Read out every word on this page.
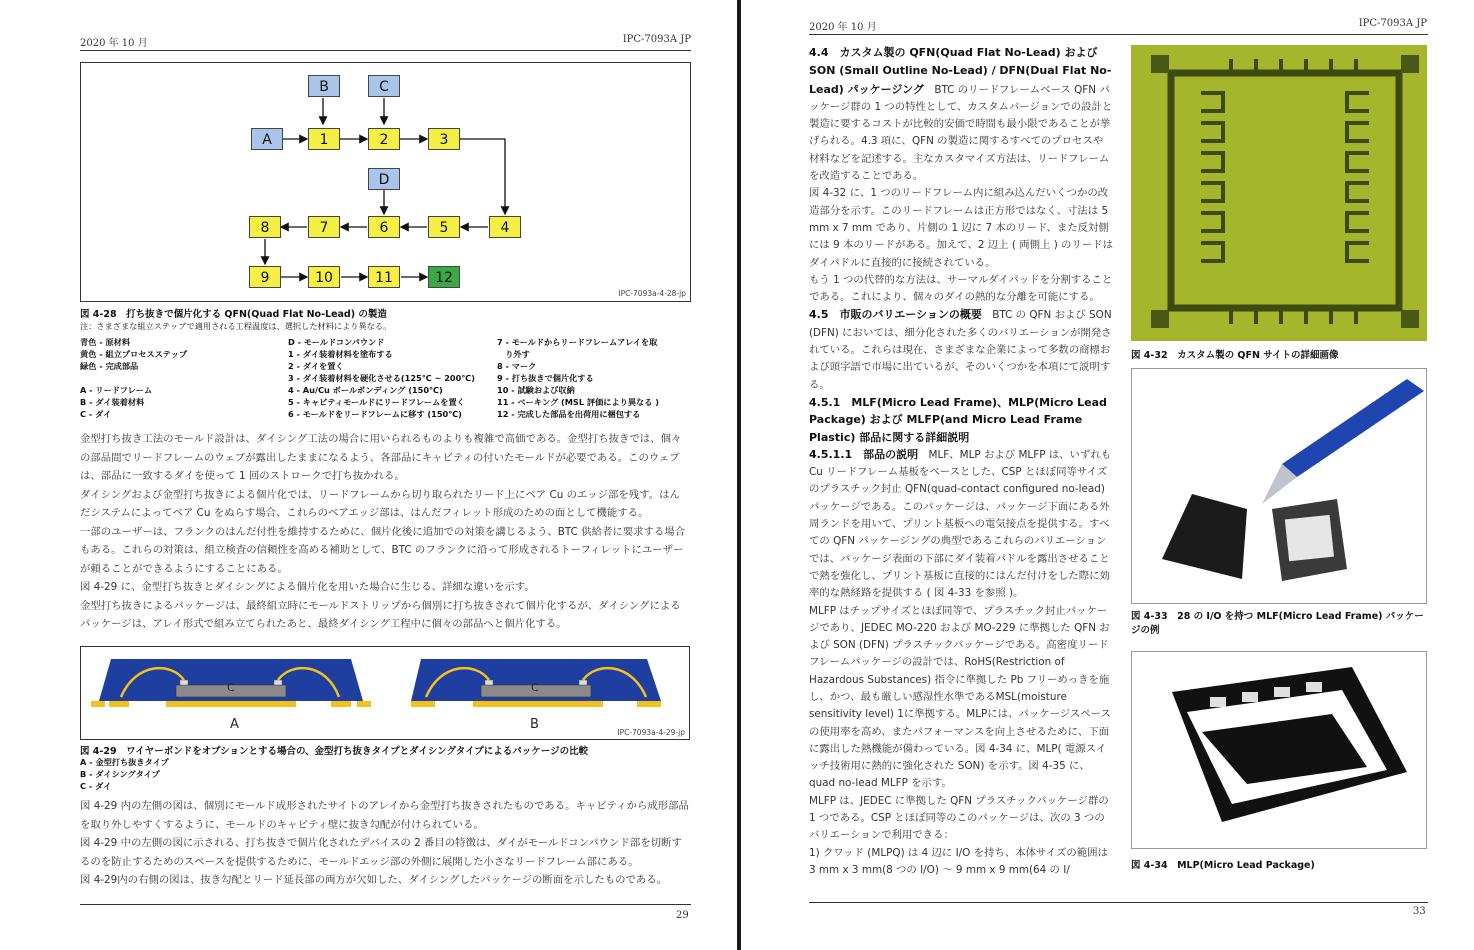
2020 年 10 月	IPC-7093A JP
B	C
A	1	2	3
D
4
5
6
7
8
9	10	11	12
IPC-7093a-4-28-jp
図 4-28　打ち抜きで個片化する QFN(Quad Flat No-Lead) の製造
注：さまざまな組立ステップで適用される工程温度は、選択した材料により異なる。
青色 - 原材料
黄色 - 組立プロセスステップ
緑色 - 完成部品
A - リードフレーム
B - ダイ装着材料
C - ダイ
D - モールドコンパウンド
1 - ダイ装着材料を塗布する
2 - ダイを置く
3 - ダイ装着材料を硬化させる(125℃ ~ 200℃)
4 - Au/Cu ボールボンディング (150℃)
5 - キャビティモールドにリードフレームを置く
6 - モールドをリードフレームに移す (150℃)
7 - モールドからリードフレームアレイを取
　り外す
8 - マーク
9 - 打ち抜きで個片化する
10 - 試験および収納
11 - ベーキング (MSL 評価により異なる )
12 - 完成した部品を出荷用に梱包する

金型打ち抜き工法のモールド設計は、ダイシング工法の場合に用いられるものよりも複雑で高価である。金型打ち抜きでは、個々の部品間でリードフレームのウェブが露出したままになるよう、各部品にキャビティの付いたモールドが必要である。このウェブは、部品に一致するダイを使って 1 回のストロークで打ち抜かれる。

ダイシングおよび金型打ち抜きによる個片化では、リードフレームから切り取られたリード上にベア Cu のエッジ部を残す。はんだシステムによってベア Cu をぬらす場合、これらのベアエッジ部は、はんだフィレット形成のための面として機能する。

一部のユーザーは、フランクのはんだ付性を維持するために、個片化後に追加での対策を講じるよう、BTC 供給者に要求する場合もある。これらの対策は、組立検査の信頼性を高める補助として、BTC のフランクに沿って形成されるトーフィレットにユーザーが頼ることができるようにすることにある。

図 4-29 に、金型打ち抜きとダイシングによる個片化を用いた場合に生じる、詳細な違いを示す。

金型打ち抜きによるパッケージは、最終組立時にモールドストリップから個別に打ち抜きされて個片化するが、ダイシングによるパッケージは、アレイ形式で組み立てられたあと、最終ダイシング工程中に個々の部品へと個片化する。

C	C
A	B
IPC-7093a-4-29-jp
図 4-29　ワイヤーボンドをオプションとする場合の、金型打ち抜きタイプとダイシングタイプによるパッケージの比較
A - 金型打ち抜きタイプ
B - ダイシングタイプ
C - ダイ

図 4-29 内の左側の図は、個別にモールド成形されたサイトのアレイから金型打ち抜きされたものである。キャビティから成形部品を取り外しやすくするように、モールドのキャビティ壁に抜き勾配が付けられている。

図 4-29 中の左側の図に示される、打ち抜きで個片化されたデバイスの 2 番目の特徴は、ダイがモールドコンパウンド部を切断するのを防止するためのスペースを提供するために、モールドエッジ部の外側に展開した小さなリードフレーム部にある。

図 4-29内の右側の図は、抜き勾配とリード延長部の両方が欠如した、ダイシングしたパッケージの断面を示したものである。

29
2020 年 10 月	IPC-7093A JP

4.4　カスタム製の QFN(Quad Flat No-Lead) および SON (Small Outline No-Lead) / DFN(Dual Flat No-Lead) パッケージング　 BTC のリードフレームベース QFN パッケージ群の 1 つの特性として、カスタムバージョンでの設計と製造に要するコストが比較的安価で時間も最小限であることが挙げられる。4.3 項に、QFN の製造に関するすべてのプロセスや材料などを記述する。主なカスタマイズ方法は、リードフレームを改造することである。

図 4-32 に、1 つのリードフレーム内に組み込んだいくつかの改造部分を示す。このリードフレームは正方形ではなく、寸法は 5 mm x 7 mm であり、片側の 1 辺に 7 本のリード、また反対側には 9 本のリードがある。加えて、2 辺上 ( 両側上 ) のリードはダイパドルに直接的に接続されている。

もう 1 つの代替的な方法は、サーマルダイパッドを分割することである。これにより、個々のダイの熱的な分離を可能にする。

4.5　市販のバリエーションの概要　 BTC の QFN および SON (DFN) においては、細分化された多くのバリエーションが開発されている。これらは現在、さまざまな企業によって多数の商標および頭字語で市場に出ているが、そのいくつかを本項にて説明する。

4.5.1　MLF(Micro Lead Frame)、MLP(Micro Lead Package) および MLFP(and Micro Lead Frame Plastic) 部品に関する詳細説明

4.5.1.1　部品の説明　 MLF、MLP および MLFP は、いずれも Cu リードフレーム基板をベースとした、CSP とほぼ同等サイズのプラスチック封止 QFN(quad-contact configured no-lead) パッケージである。このパッケージは、パッケージ下面にある外周ランドを用いて、プリント基板への電気接点を提供する。すべての QFN パッケージングの典型であるこれらのバリエーションでは、パッケージ表面の下部にダイ装着パドルを露出させることで熱を強化し、プリント基板に直接的にはんだ付けをした際に効率的な熱経路を提供する ( 図 4-33 を参照 )。

MLFP はチップサイズとほぼ同等で、プラスチック封止パッケージであり、JEDEC MO-220 および MO-229 に準拠した QFN および SON (DFN) プラスチックパッケージである。高密度リードフレームパッケージの設計では、RoHS(Restriction of Hazardous Substances) 指令に準拠した Pb フリーめっきを施し、かつ、最も厳しい感湿性水準であるMSL(moisture sensitivity level) 1に準拠する。MLPには、パッケージスペースの使用率を高め、またパフォーマンスを向上させるために、下面に露出した熱機能が備わっている。図 4-34 に、MLP( 電源スイッチ技術用に熱的に強化された SON) を示す。図 4-35 に、quad no-lead MLFP を示す。

MLFP は、JEDEC に準拠した QFN プラスチックパッケージ群の 1 つである。CSP とほぼ同等のこのパッケージは、次の 3 つのバリエーションで利用できる：

1) クワッド (MLPQ) は 4 辺に I/O を持ち、本体サイズの範囲は 3 mm x 3 mm(8 つの I/O) ～ 9 mm x 9 mm(64 の I/

図 4-32　カスタム製の QFN サイトの詳細画像
図 4-33　28 の I/O を持つ MLF(Micro Lead Frame) パッケージの例
図 4-34　MLP(Micro Lead Package)
33
